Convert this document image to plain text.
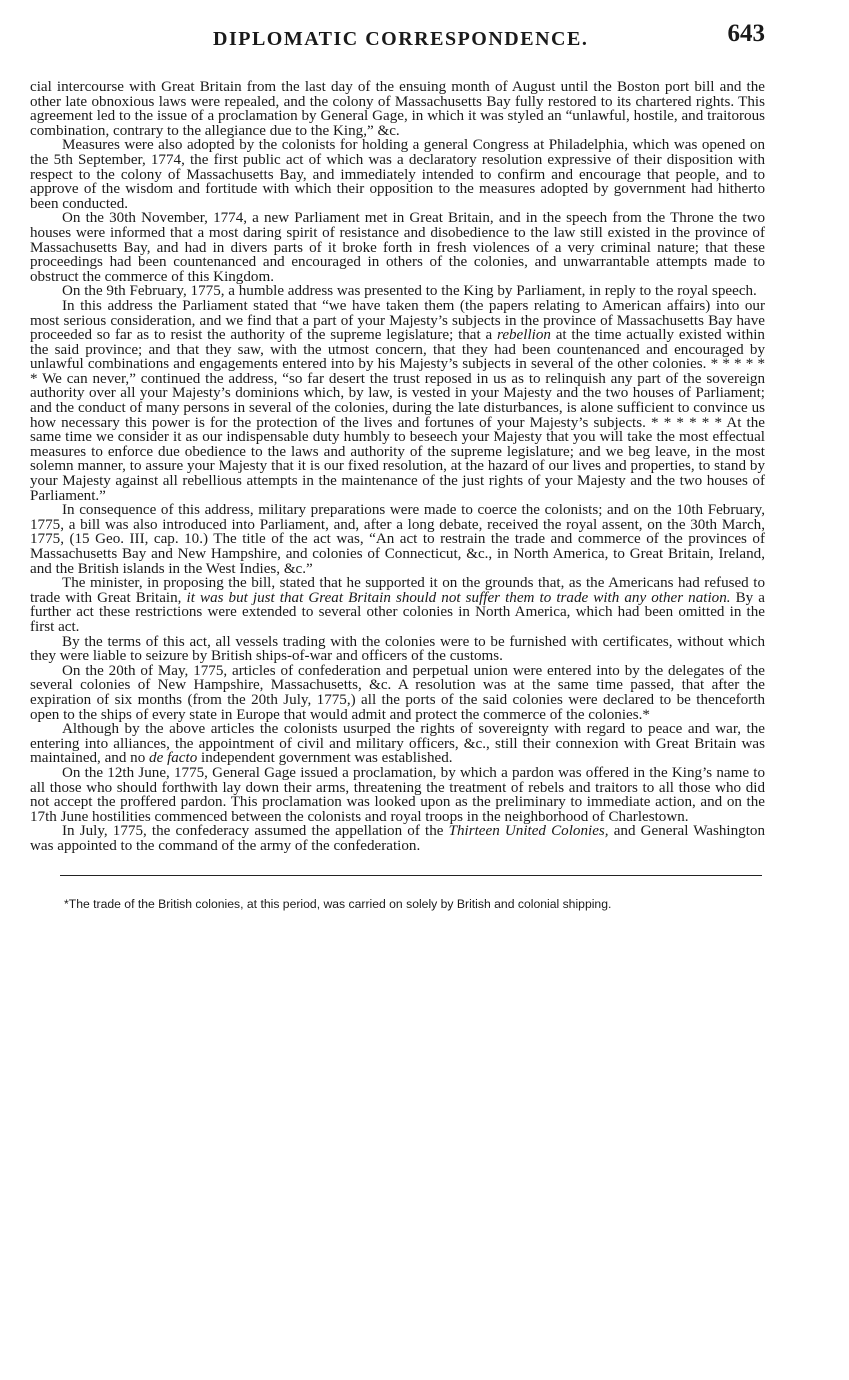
DIPLOMATIC CORRESPONDENCE.	643

cial intercourse with Great Britain from the last day of the ensuing month of August until the Boston port bill and the other late obnoxious laws were repealed, and the colony of Massachusetts Bay fully restored to its chartered rights. This agreement led to the issue of a proclamation by General Gage, in which it was styled an “unlawful, hostile, and traitorous combination, contrary to the allegiance due to the King,” &c.

Measures were also adopted by the colonists for holding a general Congress at Philadelphia, which was opened on the 5th September, 1774, the first public act of which was a declaratory resolution expressive of their disposition with respect to the colony of Massachusetts Bay, and immediately intended to confirm and encourage that people, and to approve of the wisdom and fortitude with which their opposition to the measures adopted by government had hitherto been conducted.

On the 30th November, 1774, a new Parliament met in Great Britain, and in the speech from the Throne the two houses were informed that a most daring spirit of resistance and disobedience to the law still existed in the province of Massachusetts Bay, and had in divers parts of it broke forth in fresh violences of a very criminal nature; that these proceedings had been countenanced and encouraged in others of the colonies, and unwarrantable attempts made to obstruct the commerce of this Kingdom.

On the 9th February, 1775, a humble address was presented to the King by Parliament, in reply to the royal speech.

In this address the Parliament stated that “we have taken them (the papers relating to American affairs) into our most serious consideration, and we find that a part of your Majesty’s subjects in the province of Massachusetts Bay have proceeded so far as to resist the authority of the supreme legislature; that a rebellion at the time actually existed within the said province; and that they saw, with the utmost concern, that they had been countenanced and encouraged by unlawful combinations and engagements entered into by his Majesty’s subjects in several of the other colonies. * * * * * * We can never,” continued the address, “so far desert the trust reposed in us as to relinquish any part of the sovereign authority over all your Majesty’s dominions which, by law, is vested in your Majesty and the two houses of Parliament; and the conduct of many persons in several of the colonies, during the late disturbances, is alone sufficient to convince us how necessary this power is for the protection of the lives and fortunes of your Majesty’s subjects. * * * * * * At the same time we consider it as our indispensable duty humbly to beseech your Majesty that you will take the most effectual measures to enforce due obedience to the laws and authority of the supreme legislature; and we beg leave, in the most solemn manner, to assure your Majesty that it is our fixed resolution, at the hazard of our lives and properties, to stand by your Majesty against all rebellious attempts in the maintenance of the just rights of your Majesty and the two houses of Parliament.”

In consequence of this address, military preparations were made to coerce the colonists; and on the 10th February, 1775, a bill was also introduced into Parliament, and, after a long debate, received the royal assent, on the 30th March, 1775, (15 Geo. III, cap. 10.) The title of the act was, “An act to restrain the trade and commerce of the provinces of Massachusetts Bay and New Hampshire, and colonies of Connecticut, &c., in North America, to Great Britain, Ireland, and the British islands in the West Indies, &c.”

The minister, in proposing the bill, stated that he supported it on the grounds that, as the Americans had refused to trade with Great Britain, it was but just that Great Britain should not suffer them to trade with any other nation. By a further act these restrictions were extended to several other colonies in North America, which had been omitted in the first act.

By the terms of this act, all vessels trading with the colonies were to be furnished with certificates, without which they were liable to seizure by British ships-of-war and officers of the customs.

On the 20th of May, 1775, articles of confederation and perpetual union were entered into by the delegates of the several colonies of New Hampshire, Massachusetts, &c. A resolution was at the same time passed, that after the expiration of six months (from the 20th July, 1775,) all the ports of the said colonies were declared to be thenceforth open to the ships of every state in Europe that would admit and protect the commerce of the colonies.*

Although by the above articles the colonists usurped the rights of sovereignty with regard to peace and war, the entering into alliances, the appointment of civil and military officers, &c., still their connexion with Great Britain was maintained, and no de facto independent government was established.

On the 12th June, 1775, General Gage issued a proclamation, by which a pardon was offered in the King’s name to all those who should forthwith lay down their arms, threatening the treatment of rebels and traitors to all those who did not accept the proffered pardon. This proclamation was looked upon as the preliminary to immediate action, and on the 17th June hostilities commenced between the colonists and royal troops in the neighborhood of Charlestown.

In July, 1775, the confederacy assumed the appellation of the Thirteen United Colonies, and General Washington was appointed to the command of the army of the confederation.

*The trade of the British colonies, at this period, was carried on solely by British and colonial shipping.
